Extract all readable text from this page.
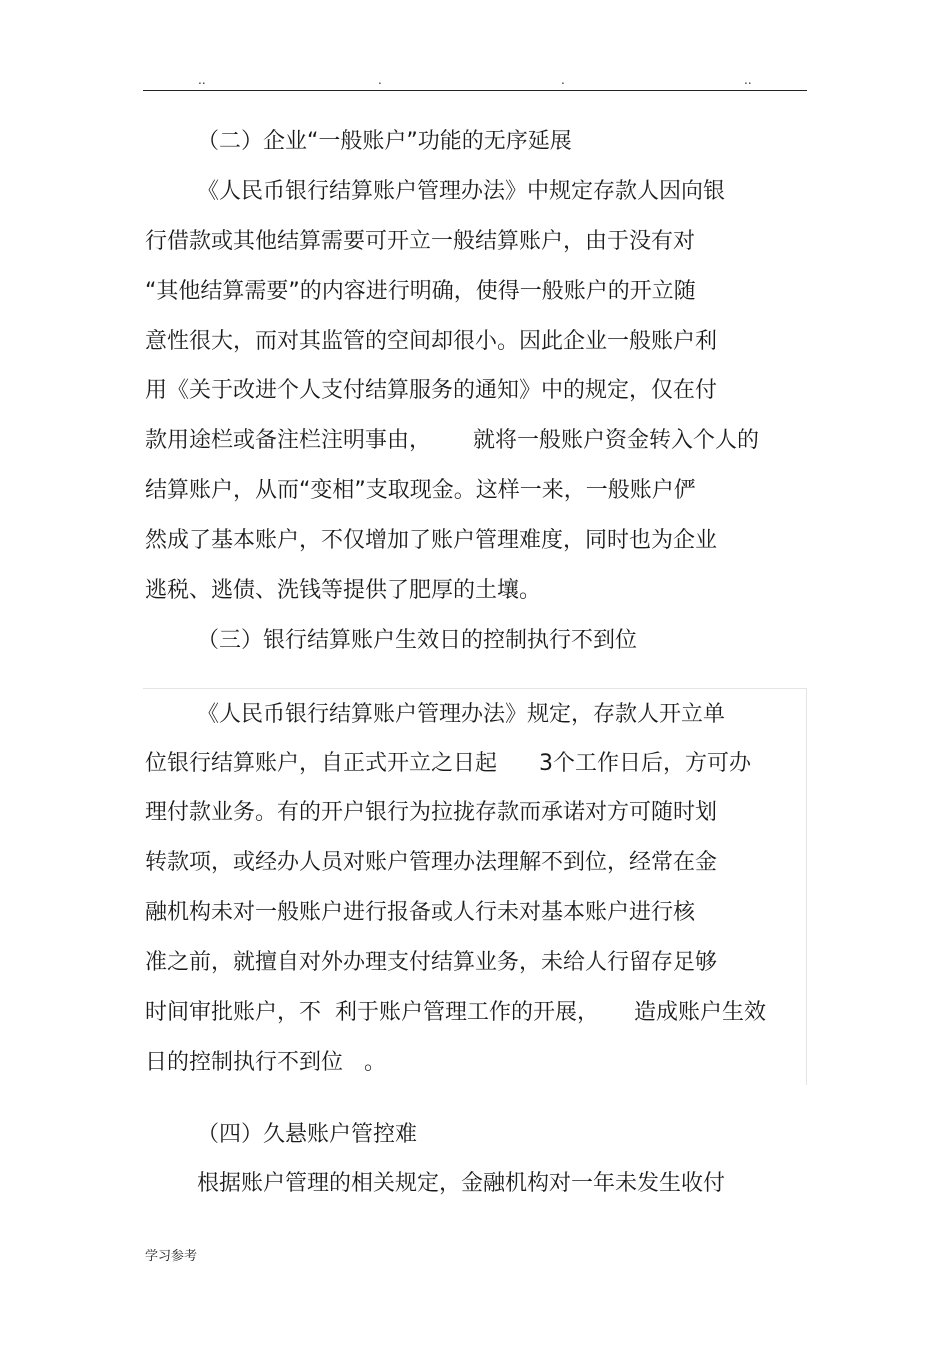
..	.	.	..
（二）企业“一般账户”功能的无序延展
《人民币银行结算账户管理办法》中规定存款人因向银
行借款或其他结算需要可开立一般结算账户，由于没有对
“其他结算需要”的内容进行明确，使得一般账户的开立随
意性很大，而对其监管的空间却很小。因此企业一般账户利
用《关于改进个人支付结算服务的通知》中的规定，仅在付
款用途栏或备注栏注明事由，      就将一般账户资金转入个人的
结算账户，从而“变相”支取现金。这样一来，一般账户俨
然成了基本账户，不仅增加了账户管理难度，同时也为企业
逃税、逃债、洗钱等提供了肥厚的土壤。
（三）银行结算账户生效日的控制执行不到位
《人民币银行结算账户管理办法》规定，存款人开立单
位银行结算账户，自正式开立之日起      3个工作日后，方可办
理付款业务。有的开户银行为拉拢存款而承诺对方可随时划
转款项，或经办人员对账户管理办法理解不到位，经常在金
融机构未对一般账户进行报备或人行未对基本账户进行核
准之前，就擅自对外办理支付结算业务，未给人行留存足够
时间审批账户，不  利于账户管理工作的开展，     造成账户生效
日的控制执行不到位   。
（四）久悬账户管控难
根据账户管理的相关规定，金融机构对一年未发生收付
学习参考
